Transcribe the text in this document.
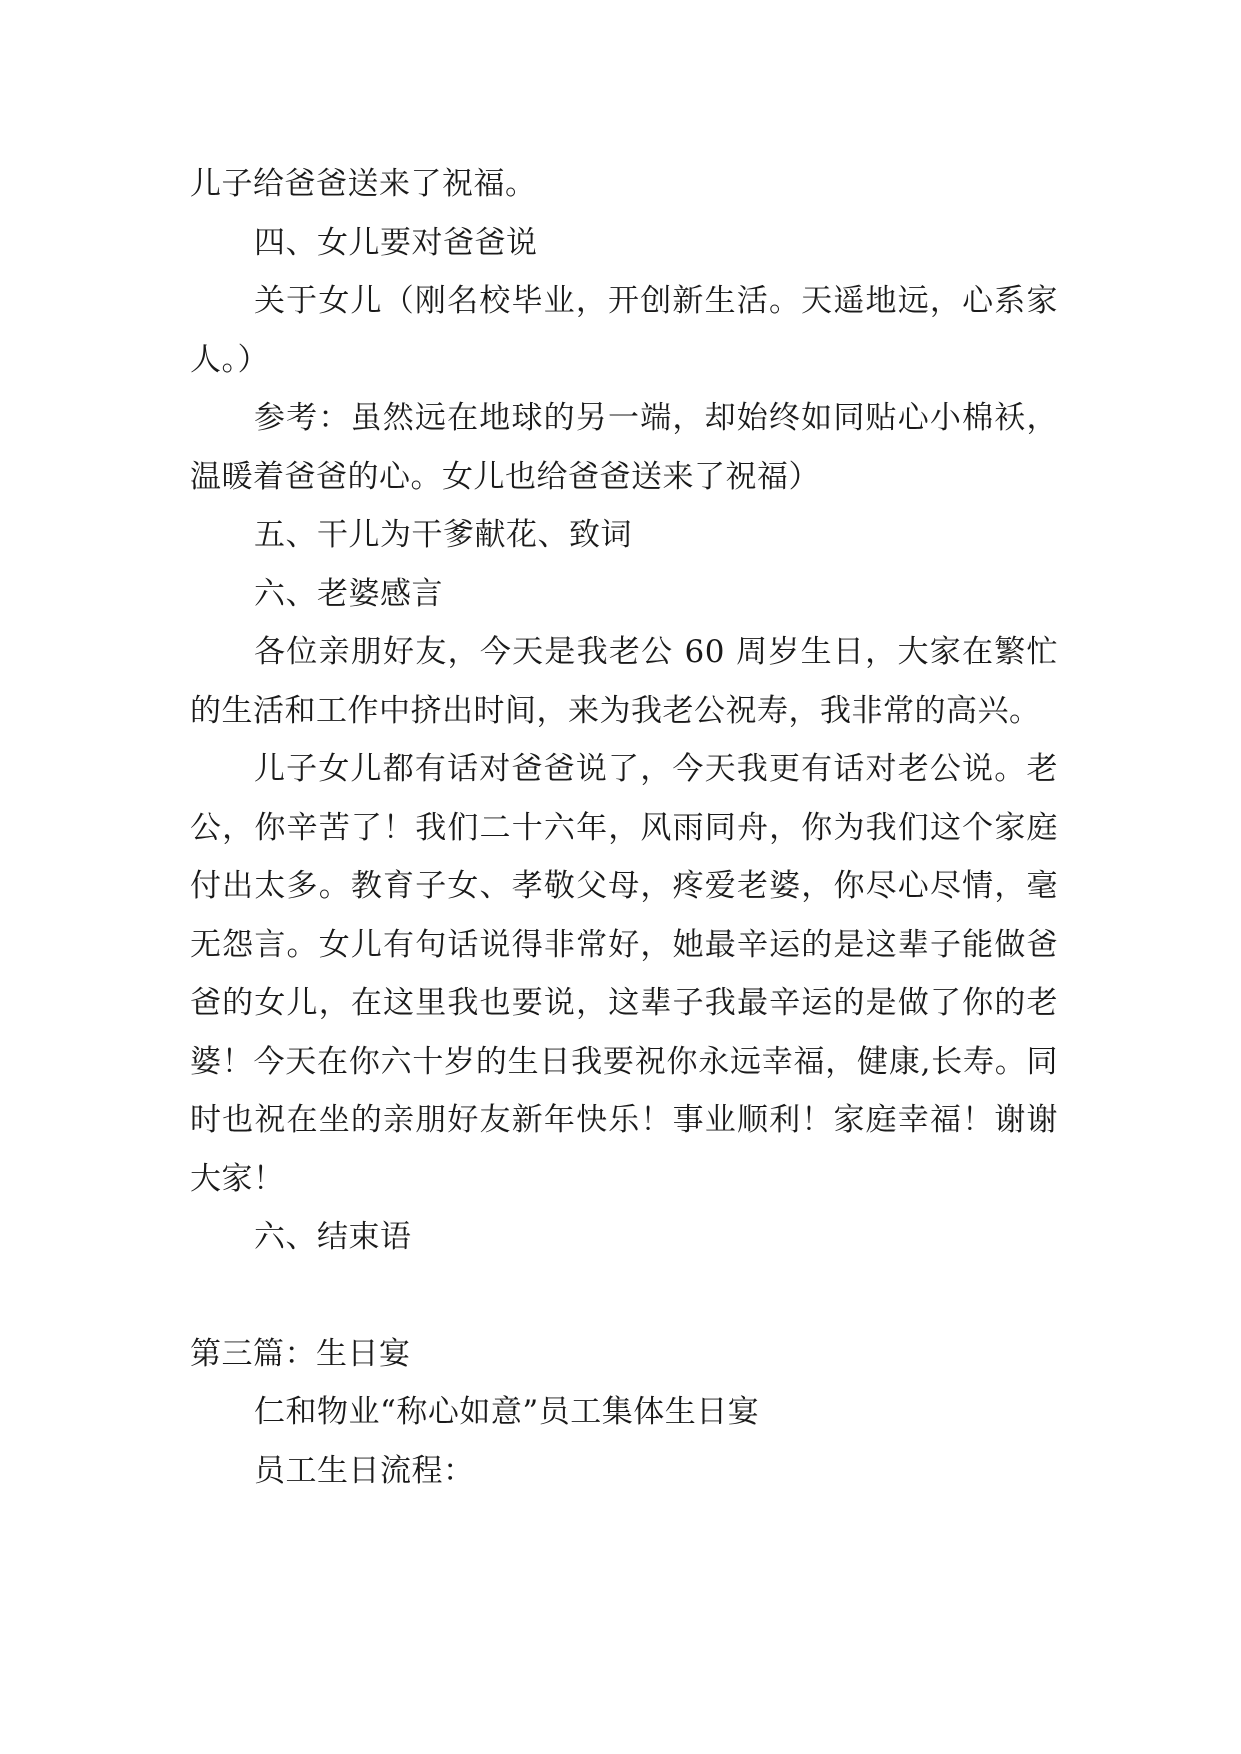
儿子给爸爸送来了祝福。

四、女儿要对爸爸说

关于女儿（刚名校毕业，开创新生活。天遥地远，心系家人。）

参考：虽然远在地球的另一端，却始终如同贴心小棉袄，温暖着爸爸的心。女儿也给爸爸送来了祝福）

五、干儿为干爹献花、致词

六、老婆感言

各位亲朋好友，今天是我老公 60 周岁生日，大家在繁忙的生活和工作中挤出时间，来为我老公祝寿，我非常的高兴。

儿子女儿都有话对爸爸说了，今天我更有话对老公说。老公，你辛苦了！我们二十六年，风雨同舟，你为我们这个家庭付出太多。教育子女、孝敬父母，疼爱老婆，你尽心尽情，毫无怨言。女儿有句话说得非常好，她最辛运的是这辈子能做爸爸的女儿，在这里我也要说，这辈子我最辛运的是做了你的老婆！今天在你六十岁的生日我要祝你永远幸福，健康,长寿。同时也祝在坐的亲朋好友新年快乐！事业顺利！家庭幸福！谢谢大家！

六、结束语

第三篇：生日宴

仁和物业“称心如意”员工集体生日宴

员工生日流程：
